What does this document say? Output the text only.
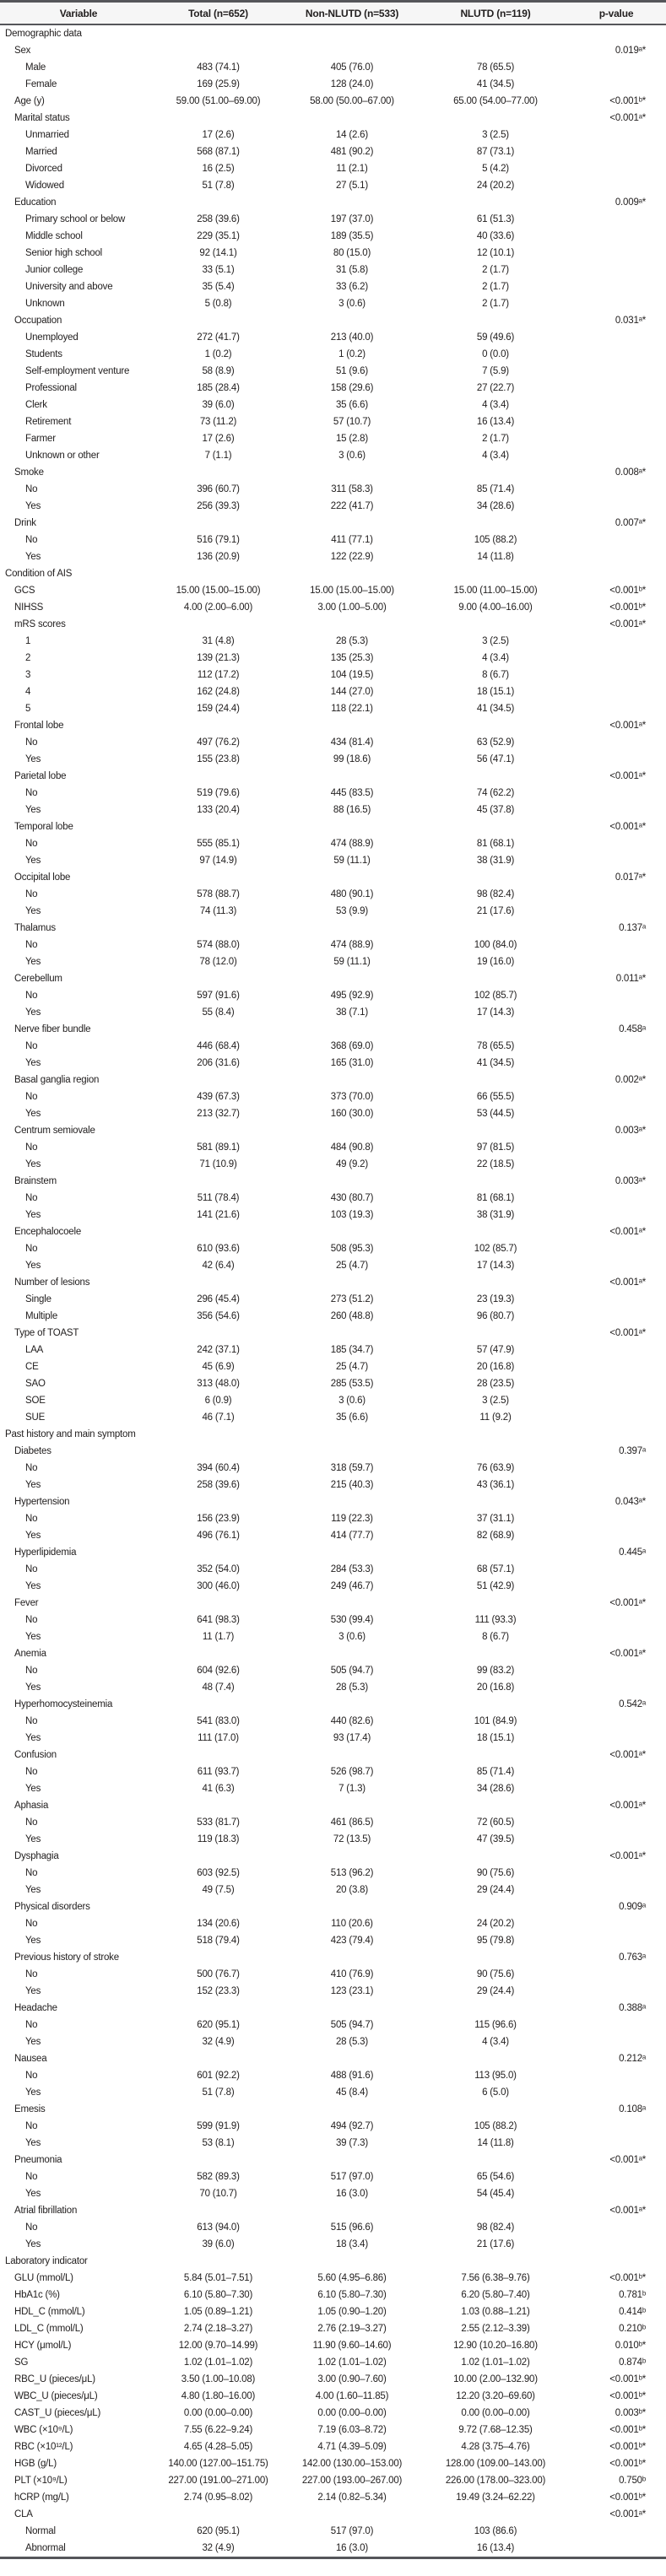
Variable	Total (n=652)	Non-NLUTD (n=533)	NLUTD (n=119)	p-value
Demographic data				
Sex				0.019ᵃ*
Male	483 (74.1)	405 (76.0)	78 (65.5)	
Female	169 (25.9)	128 (24.0)	41 (34.5)	
Age (y)	59.00 (51.00–69.00)	58.00 (50.00–67.00)	65.00 (54.00–77.00)	<0.001ᵇ*
Marital status				<0.001ᵃ*
Unmarried	17 (2.6)	14 (2.6)	3 (2.5)	
Married	568 (87.1)	481 (90.2)	87 (73.1)	
Divorced	16 (2.5)	11 (2.1)	5 (4.2)	
Widowed	51 (7.8)	27 (5.1)	24 (20.2)	
Education				0.009ᵃ*
Primary school or below	258 (39.6)	197 (37.0)	61 (51.3)	
Middle school	229 (35.1)	189 (35.5)	40 (33.6)	
Senior high school	92 (14.1)	80 (15.0)	12 (10.1)	
Junior college	33 (5.1)	31 (5.8)	2 (1.7)	
University and above	35 (5.4)	33 (6.2)	2 (1.7)	
Unknown	5 (0.8)	3 (0.6)	2 (1.7)	
Occupation				0.031ᵃ*
Unemployed	272 (41.7)	213 (40.0)	59 (49.6)	
Students	1 (0.2)	1 (0.2)	0 (0.0)	
Self-employment venture	58 (8.9)	51 (9.6)	7 (5.9)	
Professional	185 (28.4)	158 (29.6)	27 (22.7)	
Clerk	39 (6.0)	35 (6.6)	4 (3.4)	
Retirement	73 (11.2)	57 (10.7)	16 (13.4)	
Farmer	17 (2.6)	15 (2.8)	2 (1.7)	
Unknown or other	7 (1.1)	3 (0.6)	4 (3.4)	
Smoke				0.008ᵃ*
No	396 (60.7)	311 (58.3)	85 (71.4)	
Yes	256 (39.3)	222 (41.7)	34 (28.6)	
Drink				0.007ᵃ*
No	516 (79.1)	411 (77.1)	105 (88.2)	
Yes	136 (20.9)	122 (22.9)	14 (11.8)	
Condition of AIS				
GCS	15.00 (15.00–15.00)	15.00 (15.00–15.00)	15.00 (11.00–15.00)	<0.001ᵇ*
NIHSS	4.00 (2.00–6.00)	3.00 (1.00–5.00)	9.00 (4.00–16.00)	<0.001ᵇ*
mRS scores				<0.001ᵃ*
1	31 (4.8)	28 (5.3)	3 (2.5)	
2	139 (21.3)	135 (25.3)	4 (3.4)	
3	112 (17.2)	104 (19.5)	8 (6.7)	
4	162 (24.8)	144 (27.0)	18 (15.1)	
5	159 (24.4)	118 (22.1)	41 (34.5)	
Frontal lobe				<0.001ᵃ*
No	497 (76.2)	434 (81.4)	63 (52.9)	
Yes	155 (23.8)	99 (18.6)	56 (47.1)	
Parietal lobe				<0.001ᵃ*
No	519 (79.6)	445 (83.5)	74 (62.2)	
Yes	133 (20.4)	88 (16.5)	45 (37.8)	
Temporal lobe				<0.001ᵃ*
No	555 (85.1)	474 (88.9)	81 (68.1)	
Yes	97 (14.9)	59 (11.1)	38 (31.9)	
Occipital lobe				0.017ᵃ*
No	578 (88.7)	480 (90.1)	98 (82.4)	
Yes	74 (11.3)	53 (9.9)	21 (17.6)	
Thalamus				0.137ᵃ
No	574 (88.0)	474 (88.9)	100 (84.0)	
Yes	78 (12.0)	59 (11.1)	19 (16.0)	
Cerebellum				0.011ᵃ*
No	597 (91.6)	495 (92.9)	102 (85.7)	
Yes	55 (8.4)	38 (7.1)	17 (14.3)	
Nerve fiber bundle				0.458ᵃ
No	446 (68.4)	368 (69.0)	78 (65.5)	
Yes	206 (31.6)	165 (31.0)	41 (34.5)	
Basal ganglia region				0.002ᵃ*
No	439 (67.3)	373 (70.0)	66 (55.5)	
Yes	213 (32.7)	160 (30.0)	53 (44.5)	
Centrum semiovale				0.003ᵃ*
No	581 (89.1)	484 (90.8)	97 (81.5)	
Yes	71 (10.9)	49 (9.2)	22 (18.5)	
Brainstem				0.003ᵃ*
No	511 (78.4)	430 (80.7)	81 (68.1)	
Yes	141 (21.6)	103 (19.3)	38 (31.9)	
Encephalocoele				<0.001ᵃ*
No	610 (93.6)	508 (95.3)	102 (85.7)	
Yes	42 (6.4)	25 (4.7)	17 (14.3)	
Number of lesions				<0.001ᵃ*
Single	296 (45.4)	273 (51.2)	23 (19.3)	
Multiple	356 (54.6)	260 (48.8)	96 (80.7)	
Type of TOAST				<0.001ᵃ*
LAA	242 (37.1)	185 (34.7)	57 (47.9)	
CE	45 (6.9)	25 (4.7)	20 (16.8)	
SAO	313 (48.0)	285 (53.5)	28 (23.5)	
SOE	6 (0.9)	3 (0.6)	3 (2.5)	
SUE	46 (7.1)	35 (6.6)	11 (9.2)	
Past history and main symptom				
Diabetes				0.397ᵃ
No	394 (60.4)	318 (59.7)	76 (63.9)	
Yes	258 (39.6)	215 (40.3)	43 (36.1)	
Hypertension				0.043ᵃ*
No	156 (23.9)	119 (22.3)	37 (31.1)	
Yes	496 (76.1)	414 (77.7)	82 (68.9)	
Hyperlipidemia				0.445ᵃ
No	352 (54.0)	284 (53.3)	68 (57.1)	
Yes	300 (46.0)	249 (46.7)	51 (42.9)	
Fever				<0.001ᵃ*
No	641 (98.3)	530 (99.4)	111 (93.3)	
Yes	11 (1.7)	3 (0.6)	8 (6.7)	
Anemia				<0.001ᵃ*
No	604 (92.6)	505 (94.7)	99 (83.2)	
Yes	48 (7.4)	28 (5.3)	20 (16.8)	
Hyperhomocysteinemia				0.542ᵃ
No	541 (83.0)	440 (82.6)	101 (84.9)	
Yes	111 (17.0)	93 (17.4)	18 (15.1)	
Confusion				<0.001ᵃ*
No	611 (93.7)	526 (98.7)	85 (71.4)	
Yes	41 (6.3)	7 (1.3)	34 (28.6)	
Aphasia				<0.001ᵃ*
No	533 (81.7)	461 (86.5)	72 (60.5)	
Yes	119 (18.3)	72 (13.5)	47 (39.5)	
Dysphagia				<0.001ᵃ*
No	603 (92.5)	513 (96.2)	90 (75.6)	
Yes	49 (7.5)	20 (3.8)	29 (24.4)	
Physical disorders				0.909ᵃ
No	134 (20.6)	110 (20.6)	24 (20.2)	
Yes	518 (79.4)	423 (79.4)	95 (79.8)	
Previous history of stroke				0.763ᵃ
No	500 (76.7)	410 (76.9)	90 (75.6)	
Yes	152 (23.3)	123 (23.1)	29 (24.4)	
Headache				0.388ᵃ
No	620 (95.1)	505 (94.7)	115 (96.6)	
Yes	32 (4.9)	28 (5.3)	4 (3.4)	
Nausea				0.212ᵃ
No	601 (92.2)	488 (91.6)	113 (95.0)	
Yes	51 (7.8)	45 (8.4)	6 (5.0)	
Emesis				0.108ᵃ
No	599 (91.9)	494 (92.7)	105 (88.2)	
Yes	53 (8.1)	39 (7.3)	14 (11.8)	
Pneumonia				<0.001ᵃ*
No	582 (89.3)	517 (97.0)	65 (54.6)	
Yes	70 (10.7)	16 (3.0)	54 (45.4)	
Atrial fibrillation				<0.001ᵃ*
No	613 (94.0)	515 (96.6)	98 (82.4)	
Yes	39 (6.0)	18 (3.4)	21 (17.6)	
Laboratory indicator				
GLU (mmol/L)	5.84 (5.01–7.51)	5.60 (4.95–6.86)	7.56 (6.38–9.76)	<0.001ᵇ*
HbA1c (%)	6.10 (5.80–7.30)	6.10 (5.80–7.30)	6.20 (5.80–7.40)	0.781ᵇ
HDL_C (mmol/L)	1.05 (0.89–1.21)	1.05 (0.90–1.20)	1.03 (0.88–1.21)	0.414ᵇ
LDL_C (mmol/L)	2.74 (2.18–3.27)	2.76 (2.19–3.27)	2.55 (2.12–3.39)	0.210ᵇ
HCY (μmol/L)	12.00 (9.70–14.99)	11.90 (9.60–14.60)	12.90 (10.20–16.80)	0.010ᵇ*
SG	1.02 (1.01–1.02)	1.02 (1.01–1.02)	1.02 (1.01–1.02)	0.874ᵇ
RBC_U (pieces/μL)	3.50 (1.00–10.08)	3.00 (0.90–7.60)	10.00 (2.00–132.90)	<0.001ᵇ*
WBC_U (pieces/μL)	4.80 (1.80–16.00)	4.00 (1.60–11.85)	12.20 (3.20–69.60)	<0.001ᵇ*
CAST_U (pieces/μL)	0.00 (0.00–0.00)	0.00 (0.00–0.00)	0.00 (0.00–0.00)	0.003ᵇ*
WBC (×10⁹/L)	7.55 (6.22–9.24)	7.19 (6.03–8.72)	9.72 (7.68–12.35)	<0.001ᵇ*
RBC (×10¹²/L)	4.65 (4.28–5.05)	4.71 (4.39–5.09)	4.28 (3.75–4.76)	<0.001ᵇ*
HGB (g/L)	140.00 (127.00–151.75)	142.00 (130.00–153.00)	128.00 (109.00–143.00)	<0.001ᵇ*
PLT (×10⁹/L)	227.00 (191.00–271.00)	227.00 (193.00–267.00)	226.00 (178.00–323.00)	0.750ᵇ
hCRP (mg/L)	2.74 (0.95–8.02)	2.14 (0.82–5.34)	19.49 (3.24–62.22)	<0.001ᵇ*
CLA				<0.001ᵃ*
Normal	620 (95.1)	517 (97.0)	103 (86.6)	
Abnormal	32 (4.9)	16 (3.0)	16 (13.4)	
